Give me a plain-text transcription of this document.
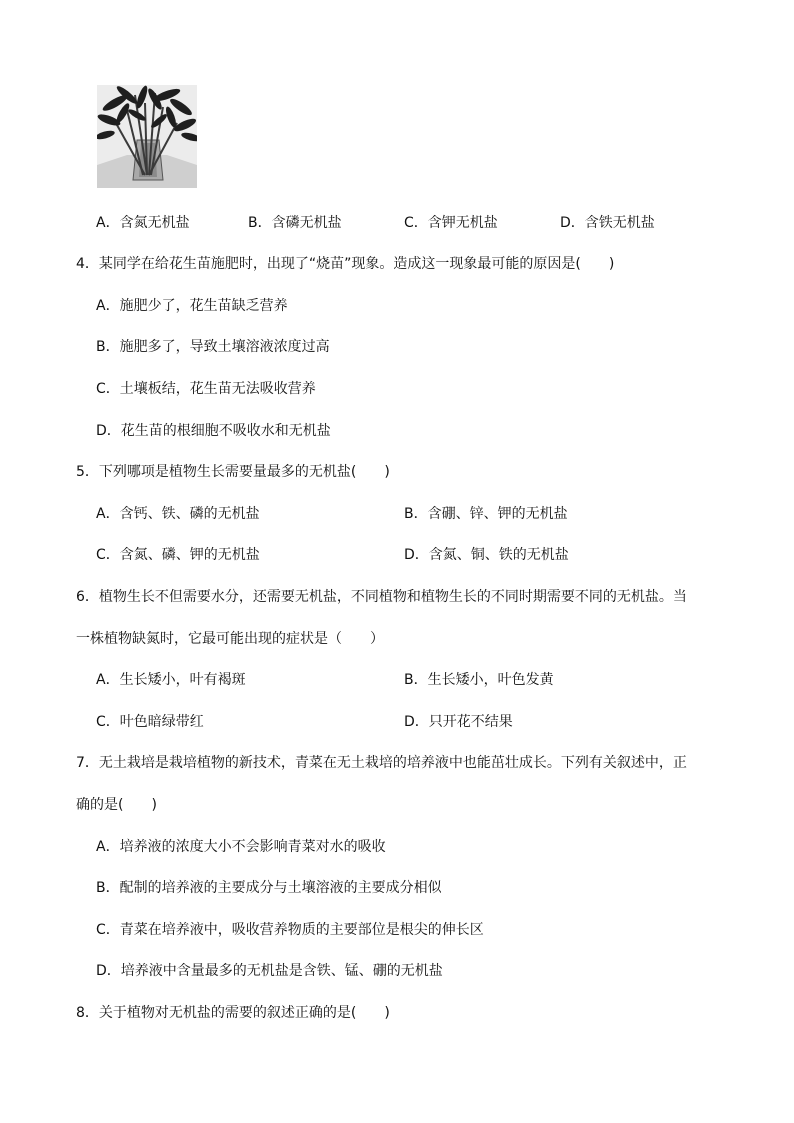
A．含氮无机盐	B．含磷无机盐	C．含钾无机盐	D．含铁无机盐
4．某同学在给花生苗施肥时，出现了“烧苗”现象。造成这一现象最可能的原因是(　　)
A．施肥少了，花生苗缺乏营养
B．施肥多了，导致土壤溶液浓度过高
C．土壤板结，花生苗无法吸收营养
D．花生苗的根细胞不吸收水和无机盐
5．下列哪项是植物生长需要量最多的无机盐(　　)
A．含钙、铁、磷的无机盐	B．含硼、锌、钾的无机盐
C．含氮、磷、钾的无机盐	D．含氮、铜、铁的无机盐
6．植物生长不但需要水分，还需要无机盐，不同植物和植物生长的不同时期需要不同的无机盐。当
一株植物缺氮时，它最可能出现的症状是（　　）
A．生长矮小，叶有褐斑	B．生长矮小，叶色发黄
C．叶色暗绿带红	D．只开花不结果
7．无土栽培是栽培植物的新技术，青菜在无土栽培的培养液中也能茁壮成长。下列有关叙述中，正
确的是(　　)
A．培养液的浓度大小不会影响青菜对水的吸收
B．配制的培养液的主要成分与土壤溶液的主要成分相似
C．青菜在培养液中，吸收营养物质的主要部位是根尖的伸长区
D．培养液中含量最多的无机盐是含铁、锰、硼的无机盐
8．关于植物对无机盐的需要的叙述正确的是(　　)
